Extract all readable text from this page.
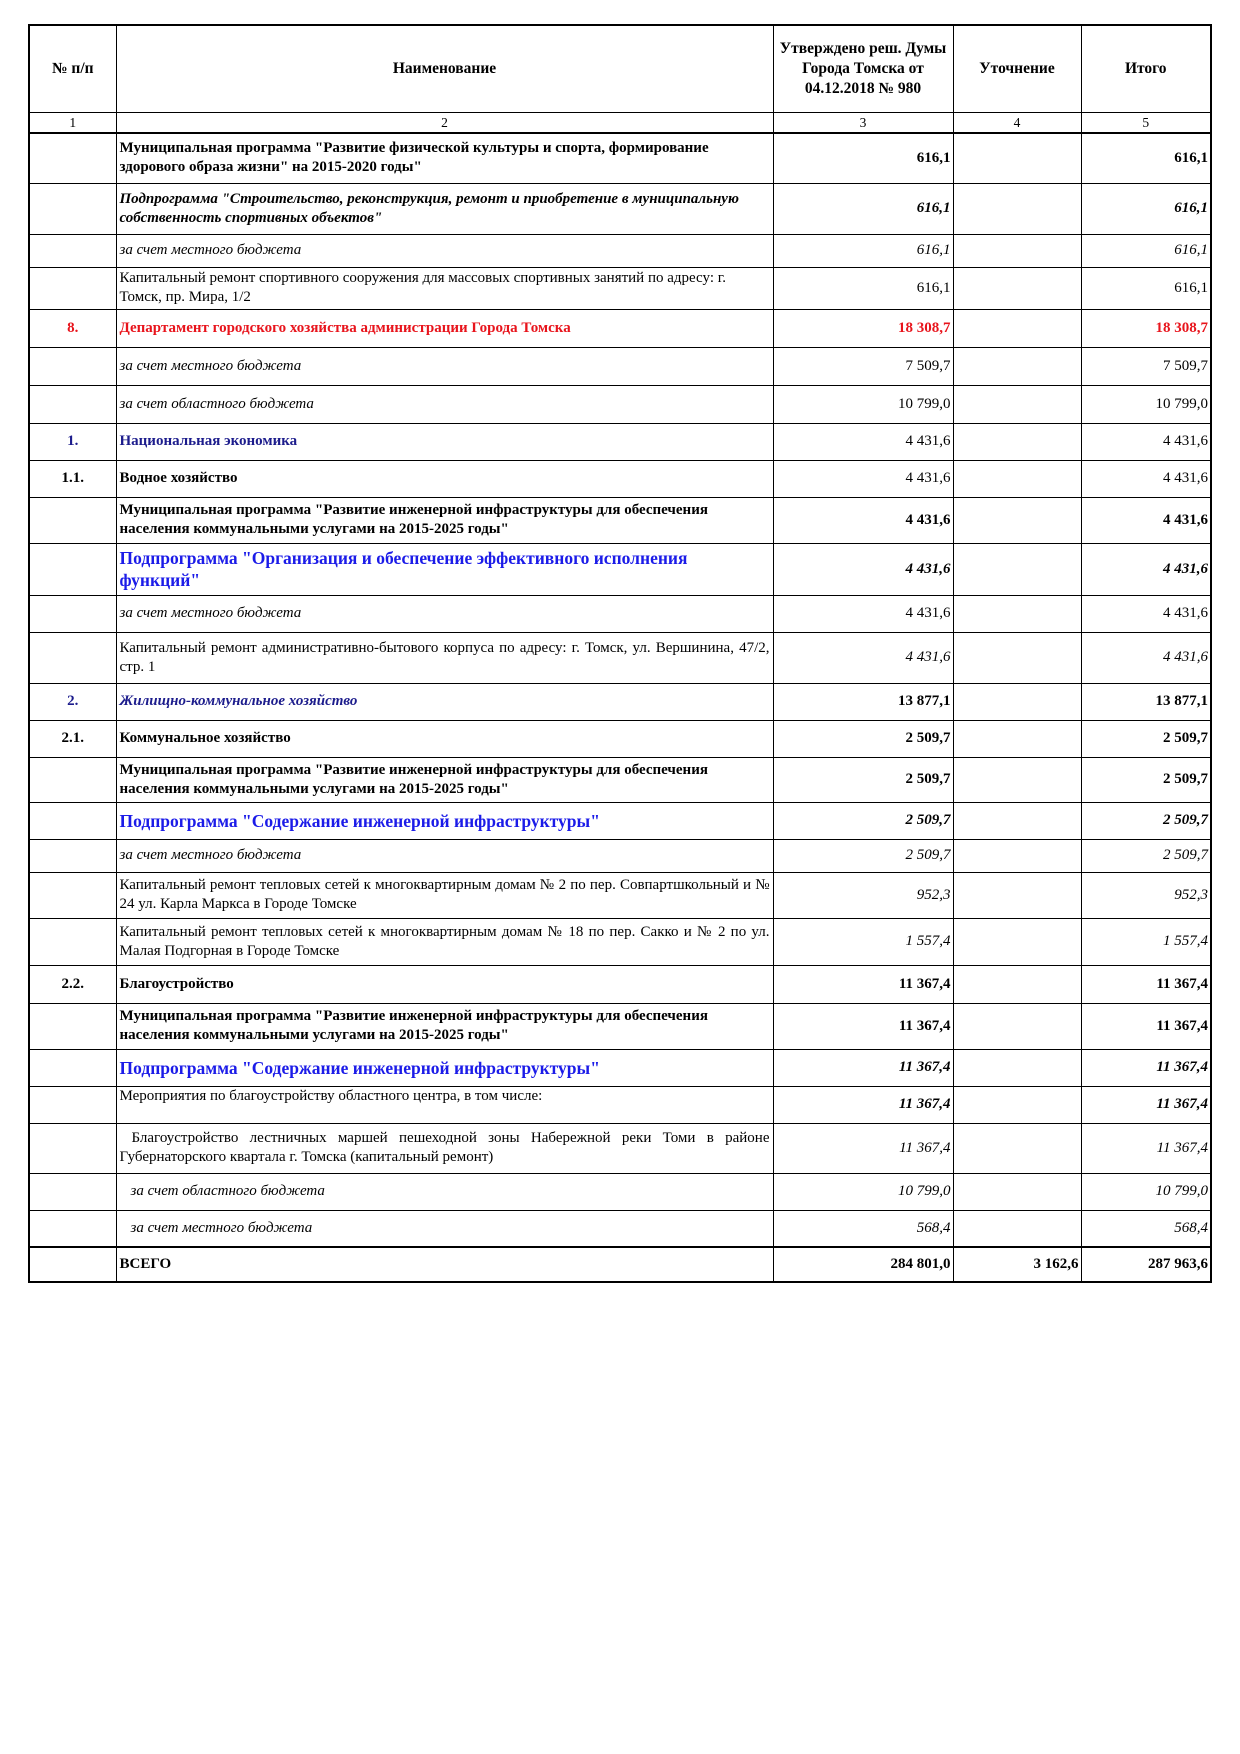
№ п/п	Наименование	Утверждено реш. Думы Города Томска от 04.12.2018 № 980	Уточнение	Итого
1	2	3	4	5
	Муниципальная программа "Развитие физической культуры и спорта, формирование здорового образа жизни" на 2015-2020 годы"	616,1		616,1
	Подпрограмма "Строительство, реконструкция, ремонт и приобретение в муниципальную собственность спортивных объектов"	616,1		616,1
	за счет местного бюджета	616,1		616,1
	Капитальный ремонт спортивного сооружения для массовых спортивных занятий по адресу: г. Томск, пр. Мира, 1/2	616,1		616,1
8.	Департамент городского хозяйства администрации Города Томска	18 308,7		18 308,7
	за счет местного бюджета	7 509,7		7 509,7
	за счет областного бюджета	10 799,0		10 799,0
1.	Национальная экономика	4 431,6		4 431,6
1.1.	Водное хозяйство	4 431,6		4 431,6
	Муниципальная программа "Развитие инженерной инфраструктуры для обеспечения населения коммунальными услугами на 2015-2025 годы"	4 431,6		4 431,6
	Подпрограмма "Организация и обеспечение эффективного исполнения функций"	4 431,6		4 431,6
	за счет местного бюджета	4 431,6		4 431,6
	Капитальный ремонт административно-бытового корпуса по адресу: г. Томск, ул. Вершинина, 47/2, стр. 1	4 431,6		4 431,6
2.	Жилищно-коммунальное хозяйство	13 877,1		13 877,1
2.1.	Коммунальное хозяйство	2 509,7		2 509,7
	Муниципальная программа "Развитие инженерной инфраструктуры для обеспечения населения коммунальными услугами на 2015-2025 годы"	2 509,7		2 509,7
	Подпрограмма "Содержание инженерной инфраструктуры"	2 509,7		2 509,7
	за счет местного бюджета	2 509,7		2 509,7
	Капитальный ремонт тепловых сетей к многоквартирным домам № 2 по пер. Совпартшкольный и № 24 ул. Карла Маркса в Городе Томске	952,3		952,3
	Капитальный ремонт тепловых сетей к многоквартирным домам № 18 по пер. Сакко и № 2 по ул. Малая Подгорная в Городе Томске	1 557,4		1 557,4
2.2.	Благоустройство	11 367,4		11 367,4
	Муниципальная программа "Развитие инженерной инфраструктуры для обеспечения населения коммунальными услугами на 2015-2025 годы"	11 367,4		11 367,4
	Подпрограмма "Содержание инженерной инфраструктуры"	11 367,4		11 367,4
	Мероприятия по благоустройству областного центра, в том числе:	11 367,4		11 367,4
	Благоустройство лестничных маршей пешеходной зоны Набережной реки Томи в районе Губернаторского квартала г. Томска (капитальный ремонт)	11 367,4		11 367,4
	за счет областного бюджета	10 799,0		10 799,0
	за счет местного бюджета	568,4		568,4
	ВСЕГО	284 801,0	3 162,6	287 963,6
